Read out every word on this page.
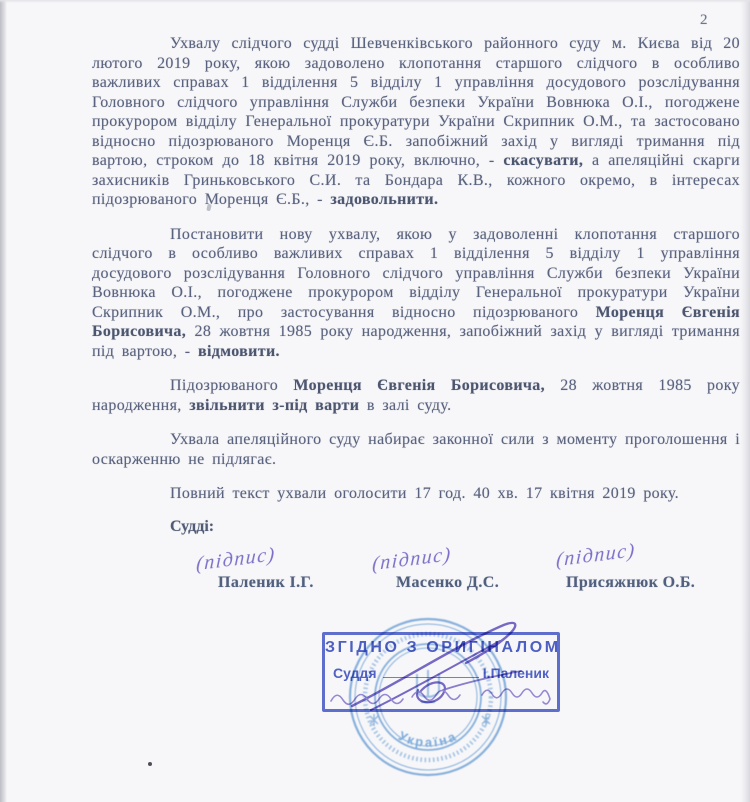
2

Ухвалу слідчого судді Шевченківського районного суду м. Києва від 20 лютого 2019 року, якою задоволено клопотання старшого слідчого в особливо важливих справах 1 відділення 5 відділу 1 управління досудового розслідування Головного слідчого управління Служби безпеки України Вовнюка О.І., погоджене прокурором відділу Генеральної прокуратури України Скрипник О.М., та застосовано відносно підозрюваного Моренця Є.Б. запобіжний захід у вигляді тримання під вартою, строком до 18 квітня 2019 року, включно, - скасувати, а апеляційні скарги захисників Гриньковського С.И. та Бондара К.В., кожного окремо, в інтересах підозрюваного Моренця Є.Б., - задовольнити.

Постановити нову ухвалу, якою у задоволенні клопотання старшого слідчого в особливо важливих справах 1 відділення 5 відділу 1 управління досудового розслідування Головного слідчого управління Служби безпеки України Вовнюка О.І., погоджене прокурором відділу Генеральної прокуратури України Скрипник О.М., про застосування відносно підозрюваного Моренця Євгенія Борисовича, 28 жовтня 1985 року народження, запобіжний захід у вигляді тримання під вартою, - відмовити.

Підозрюваного Моренця Євгенія Борисовича, 28 жовтня 1985 року народження, звільнити з-під варти в залі суду.

Ухвала апеляційного суду набирає законної сили з моменту проголошення і оскарженню не підлягає.

Повний текст ухвали оголосити 17 год. 40 хв. 17 квітня 2019 року.

Судді:
(підпис)	(підпис)	(підпис)
Паленик І.Г.	Масенко Д.С.	Присяжнюк О.Б.
Україна
ЗГІДНО З ОРИГІНАЛОМ
Суддя	І.Паленик
